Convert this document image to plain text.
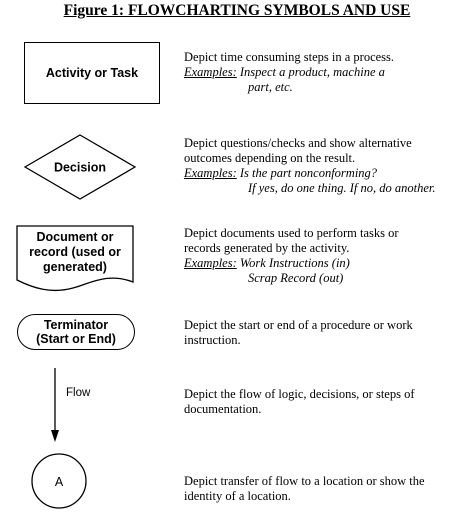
Figure 1: FLOWCHARTING SYMBOLS AND USE
Activity or Task
Depict time consuming steps in a process.
Examples: Inspect a product, machine a
part, etc.
Decision
Depict questions/checks and show alternative
outcomes depending on the result.
Examples: Is the part nonconforming?
If yes, do one thing. If no, do another.
Document or
record (used or
generated)
Depict documents used to perform tasks or
records generated by the activity.
Examples: Work Instructions (in)
Scrap Record (out)
Terminator
(Start or End)
Depict the start or end of a procedure or work
instruction.
Flow	Depict the flow of logic, decisions, or steps of
documentation.
A	Depict transfer of flow to a location or show the
identity of a location.
